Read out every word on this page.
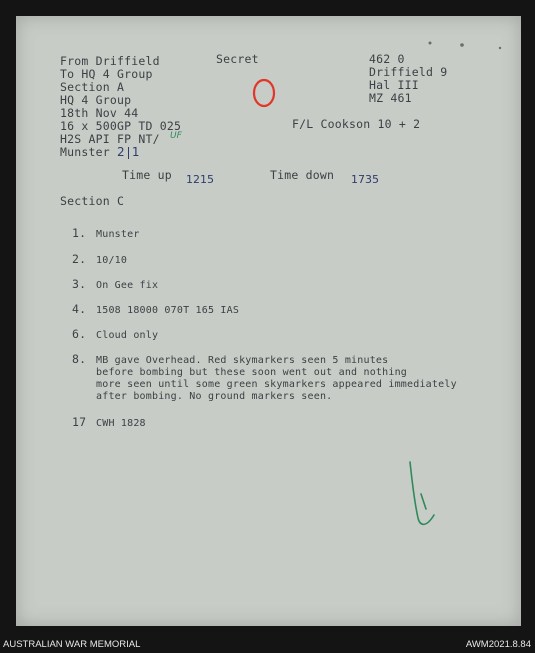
From Driffield
To HQ 4 Group
Section A
HQ 4 Group
18th Nov 44
16 x 500GP TD 025
H2S API FP NT/ UF
Munster 2 1
Secret	462 0
Driffield 9
Hal III
MZ 461
F/L Cookson 10 + 2
Time up 1215	Time down 1735
Section C
1. Munster
2. 10/10
3. On Gee fix
4. 1508 18000 070T 165 IAS
6. Cloud only
8. MB gave Overhead. Red skymarkers seen 5 minutes
before bombing but these soon went out and nothing
more seen until some green skymarkers appeared immediately
after bombing. No ground markers seen.
17 CWH 1828
AUSTRALIAN WAR MEMORIAL	AWM2021.8.84
